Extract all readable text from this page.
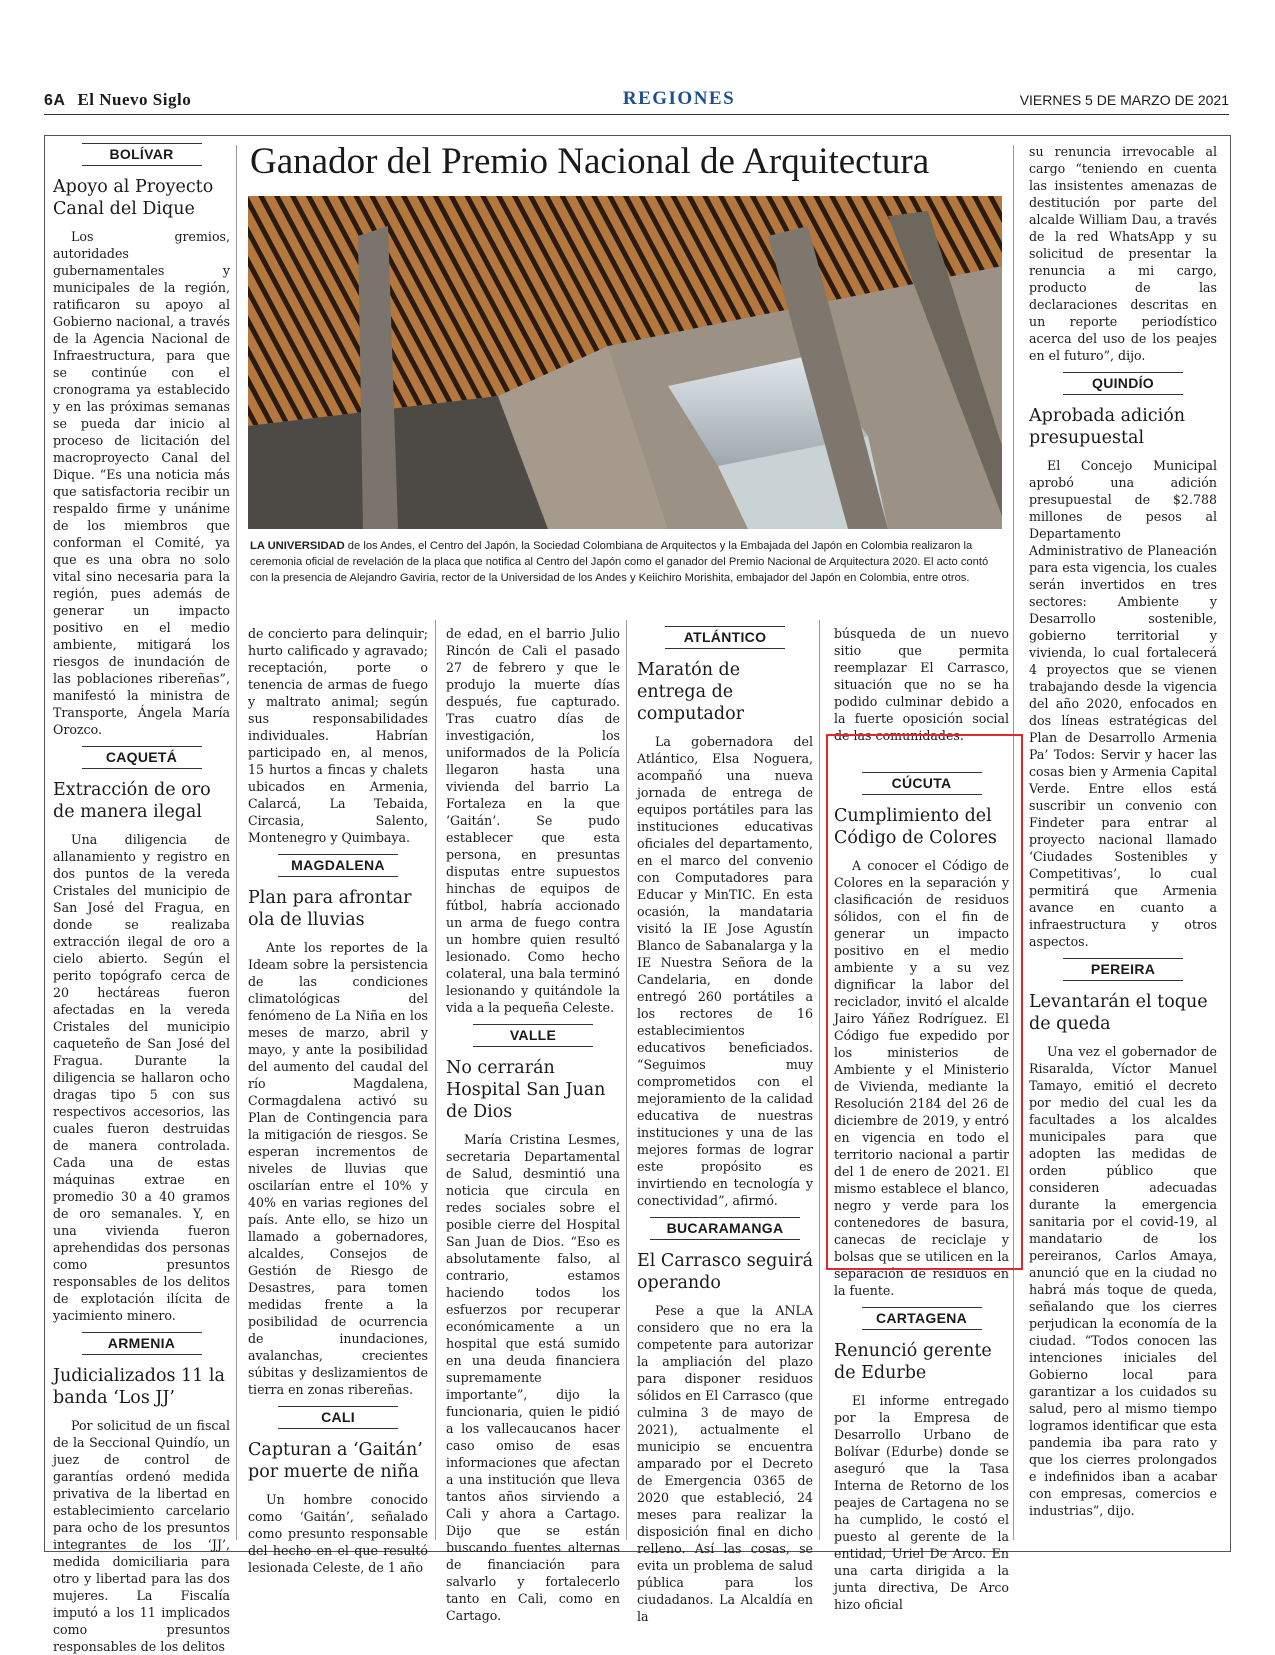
6A El Nuevo Siglo	REGIONES	VIERNES 5 DE MARZO DE 2021
Ganador del Premio Nacional de Arquitectura
LA UNIVERSIDAD de los Andes, el Centro del Japón, la Sociedad Colombiana de Arquitectos y la Embajada del Japón en Colombia realizaron la ceremonia oficial de revelación de la placa que notifica al Centro del Japón como el ganador del Premio Nacional de Arquitectura 2020. El acto contó con la presencia de Alejandro Gaviria, rector de la Universidad de los Andes y Keiichiro Morishita, embajador del Japón en Colombia, entre otros.
BOLÍVAR
Apoyo al Proyecto Canal del Dique

Los gremios, autoridades gubernamentales y municipales de la región, ratificaron su apoyo al Gobierno nacional, a través de la Agencia Nacional de Infraestructura, para que se continúe con el cronograma ya establecido y en las próximas semanas se pueda dar inicio al proceso de licitación del macroproyecto Canal del Dique. “Es una noticia más que satisfactoria recibir un respaldo firme y unánime de los miembros que conforman el Comité, ya que es una obra no solo vital sino necesaria para la región, pues además de generar un impacto positivo en el medio ambiente, mitigará los riesgos de inundación de las poblaciones ribereñas”, manifestó la ministra de Transporte, Ángela María Orozco.

CAQUETÁ
Extracción de oro de manera ilegal

Una diligencia de allanamiento y registro en dos puntos de la vereda Cristales del municipio de San José del Fragua, en donde se realizaba extracción ilegal de oro a cielo abierto. Según el perito topógrafo cerca de 20 hectáreas fueron afectadas en la vereda Cristales del municipio caqueteño de San José del Fragua. Durante la diligencia se hallaron ocho dragas tipo 5 con sus respectivos accesorios, las cuales fueron destruidas de manera controlada. Cada una de estas máquinas extrae en promedio 30 a 40 gramos de oro semanales. Y, en una vivienda fueron aprehendidas dos personas como presuntos responsables de los delitos de explotación ilícita de yacimiento minero.

ARMENIA
Judicializados 11 la banda ‘Los JJ’

Por solicitud de un fiscal de la Seccional Quindío, un juez de control de garantías ordenó medida privativa de la libertad en establecimiento carcelario para ocho de los presuntos integrantes de los ‘JJ’, medida domiciliaria para otro y libertad para las dos mujeres. La Fiscalía imputó a los 11 implicados como presuntos responsables de los delitos

de concierto para delinquir; hurto calificado y agravado; receptación, porte o tenencia de armas de fuego y maltrato animal; según sus responsabilidades individuales. Habrían participado en, al menos, 15 hurtos a fincas y chalets ubicados en Armenia, Calarcá, La Tebaida, Circasia, Salento, Montenegro y Quimbaya.

MAGDALENA
Plan para afrontar ola de lluvias

Ante los reportes de la Ideam sobre la persistencia de las condiciones climatológicas del fenómeno de La Niña en los meses de marzo, abril y mayo, y ante la posibilidad del aumento del caudal del río Magdalena, Cormagdalena activó su Plan de Contingencia para la mitigación de riesgos. Se esperan incrementos de niveles de lluvias que oscilarían entre el 10% y 40% en varias regiones del país. Ante ello, se hizo un llamado a gobernadores, alcaldes, Consejos de Gestión de Riesgo de Desastres, para tomen medidas frente a la posibilidad de ocurrencia de inundaciones, avalanchas, crecientes súbitas y deslizamientos de tierra en zonas ribereñas.

CALI
Capturan a ‘Gaitán’ por muerte de niña

Un hombre conocido como ‘Gaitán’, señalado como presunto responsable del hecho en el que resultó lesionada Celeste, de 1 año

de edad, en el barrio Julio Rincón de Cali el pasado 27 de febrero y que le produjo la muerte días después, fue capturado. Tras cuatro días de investigación, los uniformados de la Policía llegaron hasta una vivienda del barrio La Fortaleza en la que ‘Gaitán’. Se pudo establecer que esta persona, en presuntas disputas entre supuestos hinchas de equipos de fútbol, habría accionado un arma de fuego contra un hombre quien resultó lesionado. Como hecho colateral, una bala terminó lesionando y quitándole la vida a la pequeña Celeste.

VALLE
No cerrarán Hospital San Juan de Dios

María Cristina Lesmes, secretaria Departamental de Salud, desmintió una noticia que circula en redes sociales sobre el posible cierre del Hospital San Juan de Dios. “Eso es absolutamente falso, al contrario, estamos haciendo todos los esfuerzos por recuperar económicamente a un hospital que está sumido en una deuda financiera supremamente importante”, dijo la funcionaria, quien le pidió a los vallecaucanos hacer caso omiso de esas informaciones que afectan a una institución que lleva tantos años sirviendo a Cali y ahora a Cartago. Dijo que se están buscando fuentes alternas de financiación para salvarlo y fortalecerlo tanto en Cali, como en Cartago.

ATLÁNTICO
Maratón de entrega de computador

La gobernadora del Atlántico, Elsa Noguera, acompañó una nueva jornada de entrega de equipos portátiles para las instituciones educativas oficiales del departamento, en el marco del convenio con Computadores para Educar y MinTIC. En esta ocasión, la mandataria visitó la IE Jose Agustín Blanco de Sabanalarga y la IE Nuestra Señora de la Candelaria, en donde entregó 260 portátiles a los rectores de 16 establecimientos educativos beneficiados. “Seguimos muy comprometidos con el mejoramiento de la calidad educativa de nuestras instituciones y una de las mejores formas de lograr este propósito es invirtiendo en tecnología y conectividad”, afirmó.

BUCARAMANGA
El Carrasco seguirá operando

Pese a que la ANLA considero que no era la competente para autorizar la ampliación del plazo para disponer residuos sólidos en El Carrasco (que culmina 3 de mayo de 2021), actualmente el municipio se encuentra amparado por el Decreto de Emergencia 0365 de 2020 que estableció, 24 meses para realizar la disposición final en dicho relleno. Así las cosas, se evita un problema de salud pública para los ciudadanos. La Alcaldía en la

búsqueda de un nuevo sitio que permita reemplazar El Carrasco, situación que no se ha podido culminar debido a la fuerte oposición social de las comunidades.

CÚCUTA
Cumplimiento del Código de Colores

A conocer el Código de Colores en la separación y clasificación de residuos sólidos, con el fin de generar un impacto positivo en el medio ambiente y a su vez dignificar la labor del reciclador, invitó el alcalde Jairo Yáñez Rodríguez. El Código fue expedido por los ministerios de Ambiente y el Ministerio de Vivienda, mediante la Resolución 2184 del 26 de diciembre de 2019, y entró en vigencia en todo el territorio nacional a partir del 1 de enero de 2021. El mismo establece el blanco, negro y verde para los contenedores de basura, canecas de reciclaje y bolsas que se utilicen en la separación de residuos en la fuente.

CARTAGENA
Renunció gerente de Edurbe

El informe entregado por la Empresa de Desarrollo Urbano de Bolívar (Edurbe) donde se aseguró que la Tasa Interna de Retorno de los peajes de Cartagena no se ha cumplido, le costó el puesto al gerente de la entidad, Uriel De Arco. En una carta dirigida a la junta directiva, De Arco hizo oficial

su renuncia irrevocable al cargo “teniendo en cuenta las insistentes amenazas de destitución por parte del alcalde William Dau, a través de la red WhatsApp y su solicitud de presentar la renuncia a mi cargo, producto de las declaraciones descritas en un reporte periodístico acerca del uso de los peajes en el futuro”, dijo.

QUINDÍO
Aprobada adición presupuestal

El Concejo Municipal aprobó una adición presupuestal de $2.788 millones de pesos al Departamento Administrativo de Planeación para esta vigencia, los cuales serán invertidos en tres sectores: Ambiente y Desarrollo sostenible, gobierno territorial y vivienda, lo cual fortalecerá 4 proyectos que se vienen trabajando desde la vigencia del año 2020, enfocados en dos líneas estratégicas del Plan de Desarrollo Armenia Pa’ Todos: Servir y hacer las cosas bien y Armenia Capital Verde. Entre ellos está suscribir un convenio con Findeter para entrar al proyecto nacional llamado ‘Ciudades Sostenibles y Competitivas’, lo cual permitirá que Armenia avance en cuanto a infraestructura y otros aspectos.

PEREIRA
Levantarán el toque de queda

Una vez el gobernador de Risaralda, Víctor Manuel Tamayo, emitió el decreto por medio del cual les da facultades a los alcaldes municipales para que adopten las medidas de orden público que consideren adecuadas durante la emergencia sanitaria por el covid-19, al mandatario de los pereiranos, Carlos Amaya, anunció que en la ciudad no habrá más toque de queda, señalando que los cierres perjudican la economía de la ciudad. “Todos conocen las intenciones iniciales del Gobierno local para garantizar a los cuidados su salud, pero al mismo tiempo logramos identificar que esta pandemia iba para rato y que los cierres prolongados e indefinidos iban a acabar con empresas, comercios e industrias”, dijo.
